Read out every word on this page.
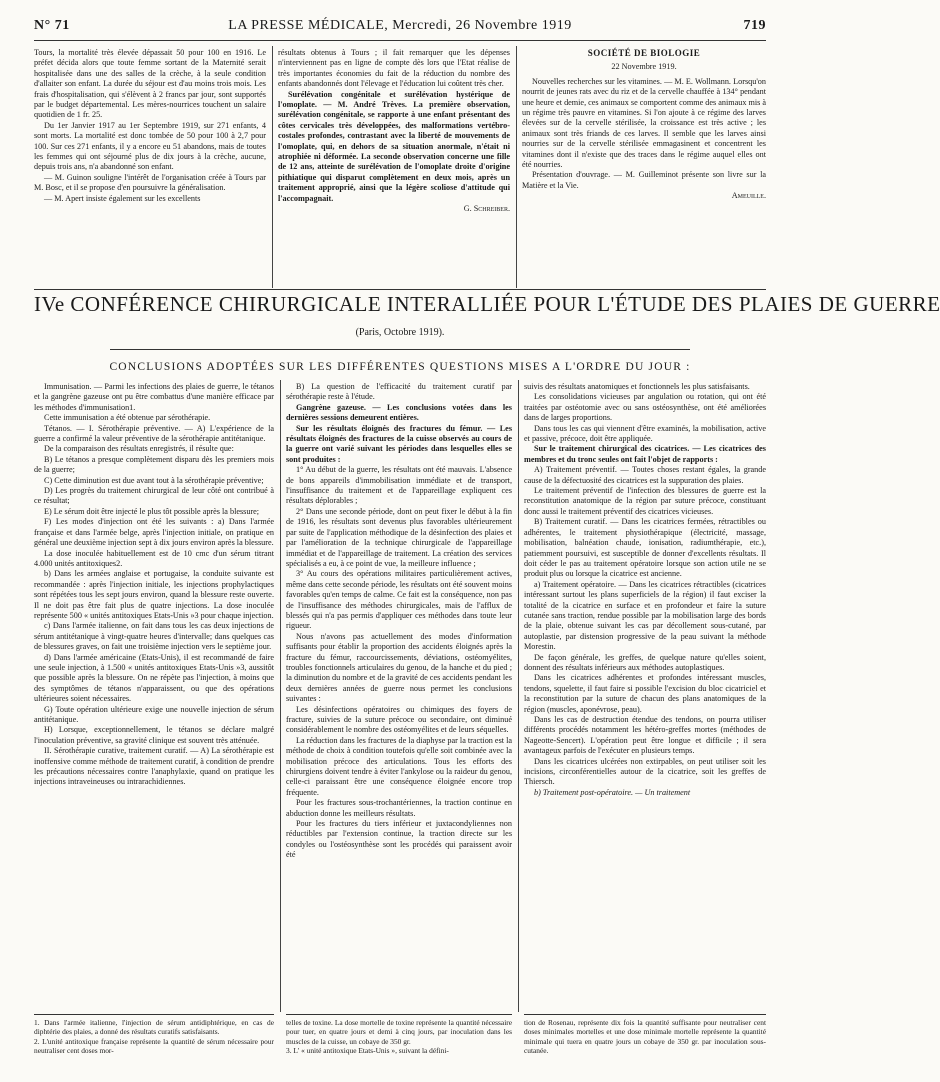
N° 71	LA PRESSE MÉDICALE, Mercredi, 26 Novembre 1919	719

Tours, la mortalité très élevée dépassait 50 pour 100 en 1916. Le préfet décida alors que toute femme sortant de la Maternité serait hospitalisée dans une des salles de la crèche, à la seule condition d'allaiter son enfant. La durée du séjour est d'au moins trois mois. Les frais d'hospitalisation, qui s'élèvent à 2 francs par jour, sont supportés par le budget départemental. Les mères-nourrices touchent un salaire quotidien de 1 fr. 25.

Du 1er Janvier 1917 au 1er Septembre 1919, sur 271 enfants, 4 sont morts. La mortalité est donc tombée de 50 pour 100 à 2,7 pour 100. Sur ces 271 enfants, il y a encore eu 51 abandons, mais de toutes les femmes qui ont séjourné plus de dix jours à la crèche, aucune, depuis trois ans, n'a abandonné son enfant.

— M. Guinon souligne l'intérêt de l'organisation créée à Tours par M. Bosc, et il se propose d'en poursuivre la généralisation.

— M. Apert insiste également sur les excellents

résultats obtenus à Tours ; il fait remarquer que les dépenses n'interviennent pas en ligne de compte dès lors que l'Etat réalise de très importantes économies du fait de la réduction du nombre des enfants abandonnés dont l'élevage et l'éducation lui coûtent très cher.

Surélévation congénitale et surélévation hystérique de l'omoplate. — M. André Trèves. La première observation, surélévation congénitale, se rapporte à une enfant présentant des côtes cervicales très développées, des malformations vertébro-costales profondes, contrastant avec la liberté de mouvements de l'omoplate, qui, en dehors de sa situation anormale, n'était ni atrophiée ni déformée. La seconde observation concerne une fille de 12 ans, atteinte de surélévation de l'omoplate droite d'origine pithiatique qui disparut complètement en deux mois, après un traitement approprié, ainsi que la légère scoliose d'attitude qui l'accompagnait.

G. Schreiber.

SOCIÉTÉ DE BIOLOGIE

22 Novembre 1919.

Nouvelles recherches sur les vitamines. — M. E. Wollmann. Lorsqu'on nourrit de jeunes rats avec du riz et de la cervelle chauffée à 134° pendant une heure et demie, ces animaux se comportent comme des animaux mis à un régime très pauvre en vitamines. Si l'on ajoute à ce régime des larves élevées sur de la cervelle stérilisée, la croissance est très active ; les animaux sont très friands de ces larves. Il semble que les larves ainsi nourries sur de la cervelle stérilisée emmagasinent et concentrent les vitamines dont il n'existe que des traces dans le régime auquel elles ont été nourries.

Présentation d'ouvrage. — M. Guilleminot présente son livre sur la Matière et la Vie.

Ameuille.

IVe CONFÉRENCE CHIRURGICALE INTERALLIÉE POUR L'ÉTUDE DES PLAIES DE GUERRE
(Paris, Octobre 1919).
CONCLUSIONS ADOPTÉES SUR LES DIFFÉRENTES QUESTIONS MISES A L'ORDRE DU JOUR :

Immunisation. — Parmi les infections des plaies de guerre, le tétanos et la gangrène gazeuse ont pu être combattus d'une manière efficace par les méthodes d'immunisation1.

Cette immunisation a été obtenue par sérothérapie.

Tétanos. — I. Sérothérapie préventive. — A) L'expérience de la guerre a confirmé la valeur préventive de la sérothérapie antitétanique.

De la comparaison des résultats enregistrés, il résulte que:

B) Le tétanos a presque complètement disparu dès les premiers mois de la guerre;

C) Cette diminution est due avant tout à la sérothérapie préventive;

D) Les progrès du traitement chirurgical de leur côté ont contribué à ce résultat;

E) Le sérum doit être injecté le plus tôt possible après la blessure;

F) Les modes d'injection ont été les suivants : a) Dans l'armée française et dans l'armée belge, après l'injection initiale, on pratique en général une deuxième injection sept à dix jours environ après la blessure.

La dose inoculée habituellement est de 10 cmc d'un sérum titrant 4.000 unités antitoxiques2.

b) Dans les armées anglaise et portugaise, la conduite suivante est recommandée : après l'injection initiale, les injections prophylactiques sont répétées tous les sept jours environ, quand la blessure reste ouverte. Il ne doit pas être fait plus de quatre injections. La dose inoculée représente 500 « unités antitoxiques Etats-Unis »3 pour chaque injection.

c) Dans l'armée italienne, on fait dans tous les cas deux injections de sérum antitétanique à vingt-quatre heures d'intervalle; dans quelques cas de blessures graves, on fait une troisième injection vers le septième jour.

d) Dans l'armée américaine (Etats-Unis), il est recommandé de faire une seule injection, à 1.500 « unités antitoxiques Etats-Unis »3, aussitôt que possible après la blessure. On ne répète pas l'injection, à moins que des symptômes de tétanos n'apparaissent, ou que des opérations ultérieures soient nécessaires.

G) Toute opération ultérieure exige une nouvelle injection de sérum antitétanique.

H) Lorsque, exceptionnellement, le tétanos se déclare malgré l'inoculation préventive, sa gravité clinique est souvent très atténuée.

II. Sérothérapie curative, traitement curatif. — A) La sérothérapie est inoffensive comme méthode de traitement curatif, à condition de prendre les précautions nécessaires contre l'anaphylaxie, quand on pratique les injections intraveineuses ou intrarachidiennes.

B) La question de l'efficacité du traitement curatif par sérothérapie reste à l'étude.

Gangrène gazeuse. — Les conclusions votées dans les dernières sessions demeurent entières.

Sur les résultats éloignés des fractures du fémur. — Les résultats éloignés des fractures de la cuisse observés au cours de la guerre ont varié suivant les périodes dans lesquelles elles se sont produites :

1° Au début de la guerre, les résultats ont été mauvais. L'absence de bons appareils d'immobilisation immédiate et de transport, l'insuffisance du traitement et de l'appareillage expliquent ces résultats déplorables ;

2° Dans une seconde période, dont on peut fixer le début à la fin de 1916, les résultats sont devenus plus favorables ultérieurement par suite de l'application méthodique de la désinfection des plaies et par l'amélioration de la technique chirurgicale de l'appareillage immédiat et de l'appareillage de traitement. La création des services spécialisés a eu, à ce point de vue, la meilleure influence ;

3° Au cours des opérations militaires particulièrement actives, même dans cette seconde période, les résultats ont été souvent moins favorables qu'en temps de calme. Ce fait est la conséquence, non pas de l'insuffisance des méthodes chirurgicales, mais de l'afflux de blessés qui n'a pas permis d'appliquer ces méthodes dans toute leur rigueur.

Nous n'avons pas actuellement des modes d'information suffisants pour établir la proportion des accidents éloignés après la fracture du fémur, raccourcissements, déviations, ostéomyélites, troubles fonctionnels articulaires du genou, de la hanche et du pied ; la diminution du nombre et de la gravité de ces accidents pendant les deux dernières années de guerre nous permet les conclusions suivantes :

Les désinfections opératoires ou chimiques des foyers de fracture, suivies de la suture précoce ou secondaire, ont diminué considérablement le nombre des ostéomyélites et de leurs séquelles.

La réduction dans les fractures de la diaphyse par la traction est la méthode de choix à condition toutefois qu'elle soit combinée avec la mobilisation précoce des articulations. Tous les efforts des chirurgiens doivent tendre à éviter l'ankylose ou la raideur du genou, celle-ci paraissant être une conséquence éloignée encore trop fréquente.

Pour les fractures sous-trochantériennes, la traction continue en abduction donne les meilleurs résultats.

Pour les fractures du tiers inférieur et juxtacondyliennes non réductibles par l'extension continue, la traction directe sur les condyles ou l'ostéosynthèse sont les procédés qui paraissent avoir été

suivis des résultats anatomiques et fonctionnels les plus satisfaisants.

Les consolidations vicieuses par angulation ou rotation, qui ont été traitées par ostéotomie avec ou sans ostéosynthèse, ont été améliorées dans de larges proportions.

Dans tous les cas qui viennent d'être examinés, la mobilisation, active et passive, précoce, doit être appliquée.

Sur le traitement chirurgical des cicatrices. — Les cicatrices des membres et du tronc seules ont fait l'objet de rapports :

A) Traitement préventif. — Toutes choses restant égales, la grande cause de la défectuosité des cicatrices est la suppuration des plaies.

Le traitement préventif de l'infection des blessures de guerre est la reconstitution anatomique de la région par suture précoce, constituant donc aussi le traitement préventif des cicatrices vicieuses.

B) Traitement curatif. — Dans les cicatrices fermées, rétractibles ou adhérentes, le traitement physiothérapique (électricité, massage, mobilisation, balnéation chaude, ionisation, radiumthérapie, etc.), patiemment poursuivi, est susceptible de donner d'excellents résultats. Il doit céder le pas au traitement opératoire lorsque son action utile ne se produit plus ou lorsque la cicatrice est ancienne.

a) Traitement opératoire. — Dans les cicatrices rétractibles (cicatrices intéressant surtout les plans superficiels de la région) il faut exciser la totalité de la cicatrice en surface et en profondeur et faire la suture cutanée sans traction, rendue possible par la mobilisation large des bords de la plaie, obtenue suivant les cas par décollement sous-cutané, par autoplastie, par distension progressive de la peau suivant la méthode Morestin.

De façon générale, les greffes, de quelque nature qu'elles soient, donnent des résultats inférieurs aux méthodes autoplastiques.

Dans les cicatrices adhérentes et profondes intéressant muscles, tendons, squelette, il faut faire si possible l'excision du bloc cicatriciel et la reconstitution par la suture de chacun des plans anatomiques de la région (muscles, aponévrose, peau).

Dans les cas de destruction étendue des tendons, on pourra utiliser différents procédés notamment les hétéro-greffes mortes (méthodes de Nageotte-Sencert). L'opération peut être longue et difficile ; il sera avantageux parfois de l'exécuter en plusieurs temps.

Dans les cicatrices ulcérées non extirpables, on peut utiliser soit les incisions, circonférentielles autour de la cicatrice, soit les greffes de Thiersch.

b) Traitement post-opératoire. — Un traitement

1. Dans l'armée italienne, l'injection de sérum antidiphtérique, en cas de diphtérie des plaies, a donné des résultats curatifs satisfaisants.

2. L'unité antitoxique française représente la quantité de sérum nécessaire pour neutraliser cent doses mor-

telles de toxine. La dose mortelle de toxine représente la quantité nécessaire pour tuer, en quatre jours et demi à cinq jours, par inoculation dans les muscles de la cuisse, un cobaye de 350 gr.

3. L' « unité antitoxique Etats-Unis », suivant la défini-

tion de Rosenau, représente dix fois la quantité suffisante pour neutraliser cent doses minimales mortelles et une dose minimale mortelle représente la quantité minimale qui tuera en quatre jours un cobaye de 350 gr. par inoculation sous-cutanée.
